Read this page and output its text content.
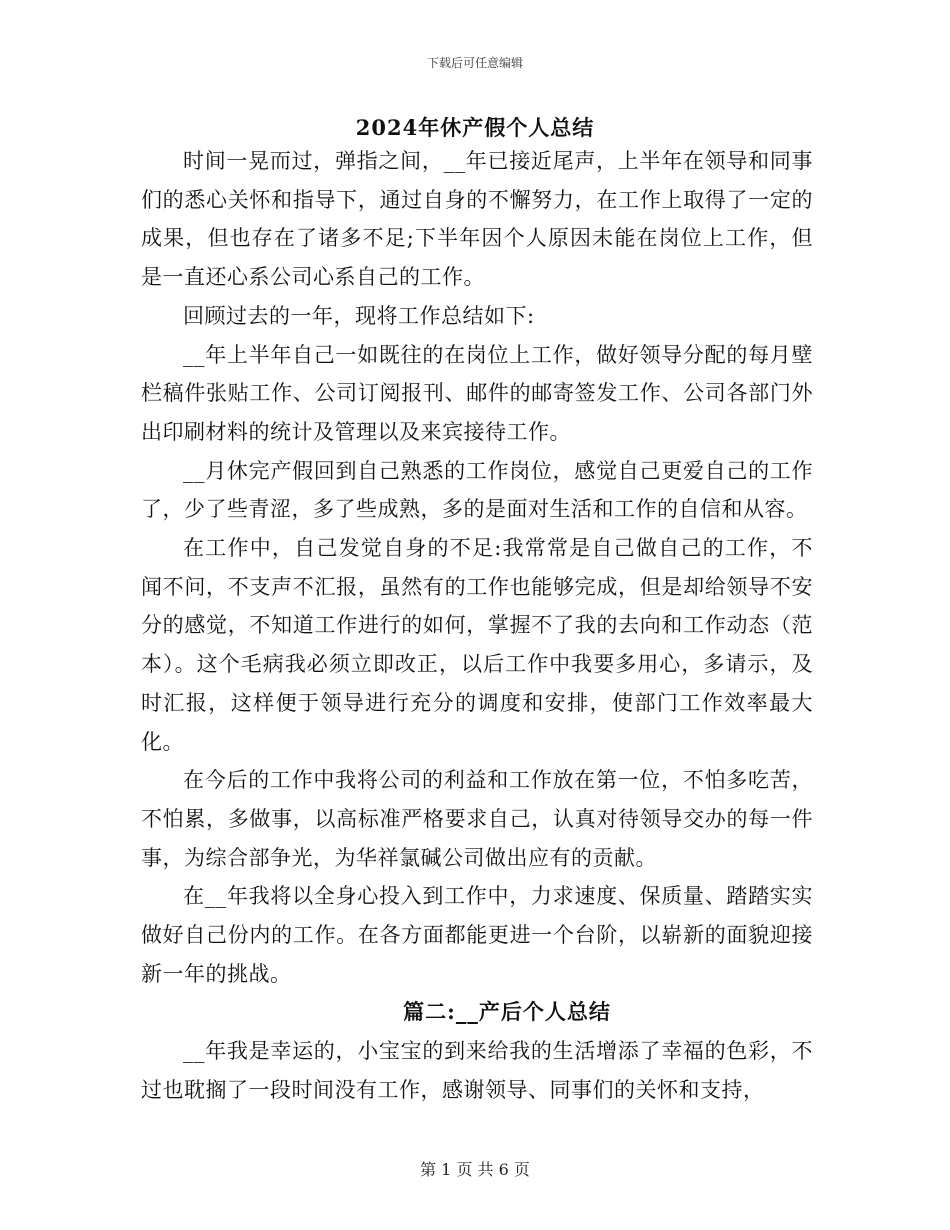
下载后可任意编辑
2024年休产假个人总结

时间一晃而过，弹指之间，__年已接近尾声，上半年在领导和同事们的悉心关怀和指导下，通过自身的不懈努力，在工作上取得了一定的成果，但也存在了诸多不足;下半年因个人原因未能在岗位上工作，但是一直还心系公司心系自己的工作。

回顾过去的一年，现将工作总结如下:

__年上半年自己一如既往的在岗位上工作，做好领导分配的每月壁栏稿件张贴工作、公司订阅报刊、邮件的邮寄签发工作、公司各部门外出印刷材料的统计及管理以及来宾接待工作。

__月休完产假回到自己熟悉的工作岗位，感觉自己更爱自己的工作了，少了些青涩，多了些成熟，多的是面对生活和工作的自信和从容。

在工作中，自己发觉自身的不足:我常常是自己做自己的工作，不闻不问，不支声不汇报，虽然有的工作也能够完成，但是却给领导不安分的感觉，不知道工作进行的如何，掌握不了我的去向和工作动态（范本）。这个毛病我必须立即改正，以后工作中我要多用心，多请示，及时汇报，这样便于领导进行充分的调度和安排，使部门工作效率最大化。

在今后的工作中我将公司的利益和工作放在第一位，不怕多吃苦，不怕累，多做事，以高标准严格要求自己，认真对待领导交办的每一件事，为综合部争光，为华祥氯碱公司做出应有的贡献。

在__年我将以全身心投入到工作中，力求速度、保质量、踏踏实实做好自己份内的工作。在各方面都能更进一个台阶，以崭新的面貌迎接新一年的挑战。

篇二:__产后个人总结

__年我是幸运的，小宝宝的到来给我的生活增添了幸福的色彩，不过也耽搁了一段时间没有工作，感谢领导、同事们的关怀和支持，

第 1 页 共 6 页
